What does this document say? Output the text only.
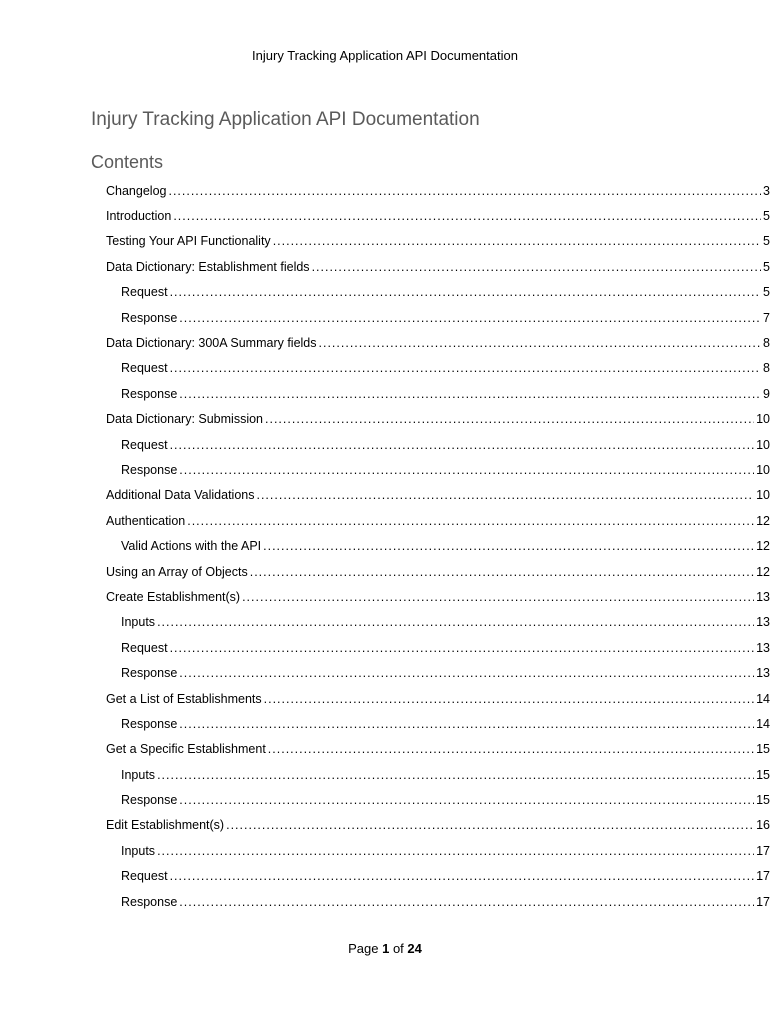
Injury Tracking Application API Documentation
Injury Tracking Application API Documentation
Contents
Changelog .....	3
Introduction .....	5
Testing Your API Functionality .....	5
Data Dictionary: Establishment fields .....	5
Request .....	5
Response .....	7
Data Dictionary: 300A Summary fields .....	8
Request .....	8
Response .....	9
Data Dictionary: Submission .....	10
Request .....	10
Response .....	10
Additional Data Validations .....	10
Authentication .....	12
Valid Actions with the API .....	12
Using an Array of Objects .....	12
Create Establishment(s) .....	13
Inputs .....	13
Request .....	13
Response .....	13
Get a List of Establishments .....	14
Response .....	14
Get a Specific Establishment .....	15
Inputs .....	15
Response .....	15
Edit Establishment(s) .....	16
Inputs .....	17
Request .....	17
Response .....	17
Page 1 of 24
